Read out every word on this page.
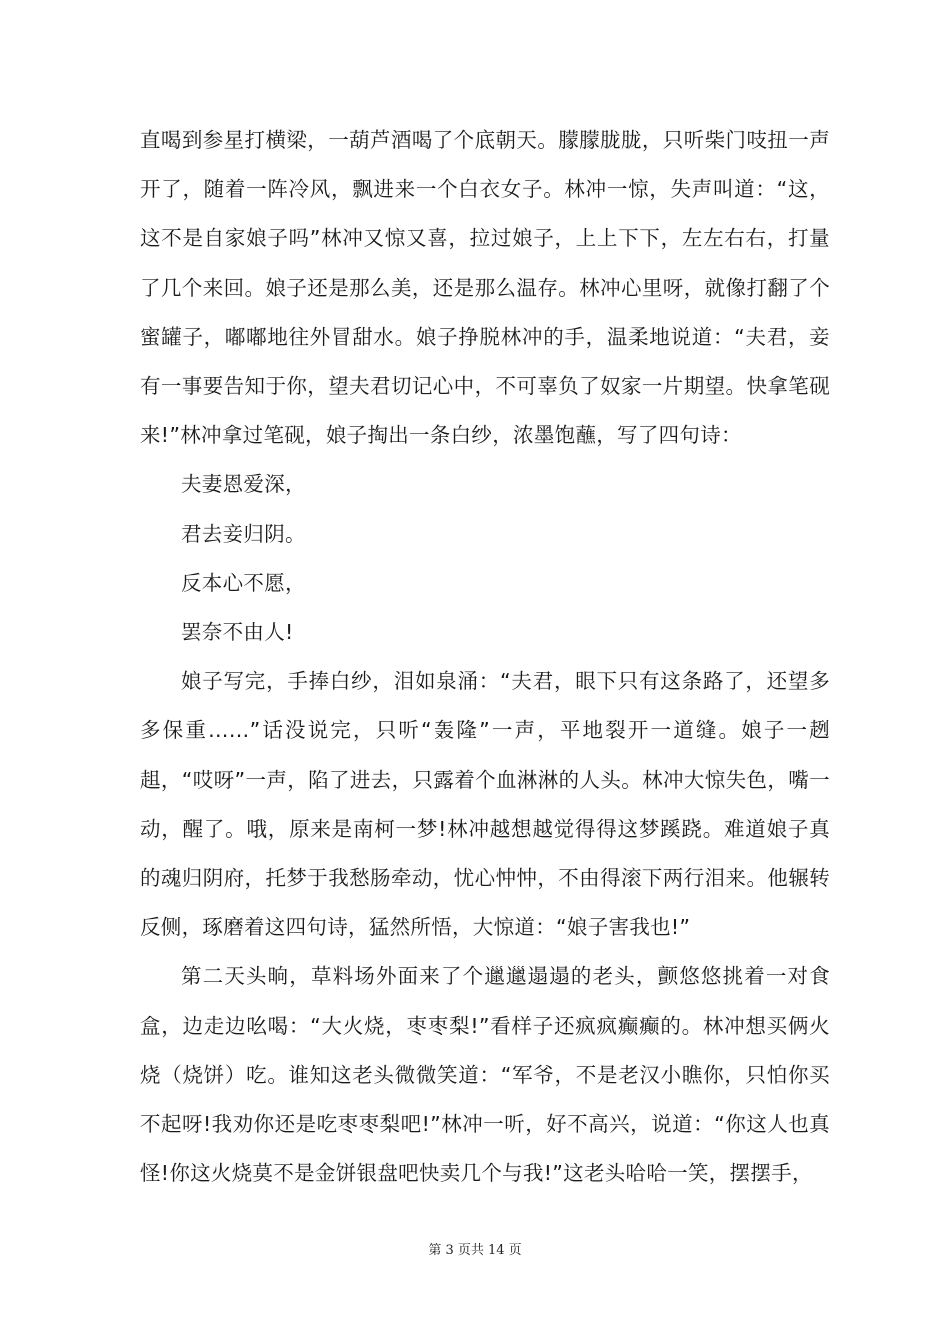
直喝到参星打横梁，一葫芦酒喝了个底朝天。朦朦胧胧，只听柴门吱扭一声开了，随着一阵冷风，飘进来一个白衣女子。林冲一惊，失声叫道：“这，这不是自家娘子吗”林冲又惊又喜，拉过娘子，上上下下，左左右右，打量了几个来回。娘子还是那么美，还是那么温存。林冲心里呀，就像打翻了个蜜罐子，嘟嘟地往外冒甜水。娘子挣脱林冲的手，温柔地说道：“夫君，妾有一事要告知于你，望夫君切记心中，不可辜负了奴家一片期望。快拿笔砚来!”林冲拿过笔砚，娘子掏出一条白纱，浓墨饱蘸，写了四句诗：

夫妻恩爱深，

君去妾归阴。

反本心不愿，

罢奈不由人!

娘子写完，手捧白纱，泪如泉涌：“夫君，眼下只有这条路了，还望多多保重……”话没说完，只听“轰隆”一声，平地裂开一道缝。娘子一趔趄，“哎呀”一声，陷了进去，只露着个血淋淋的人头。林冲大惊失色，嘴一动，醒了。哦，原来是南柯一梦!林冲越想越觉得得这梦蹊跷。难道娘子真的魂归阴府，托梦于我愁肠牵动，忧心忡忡，不由得滚下两行泪来。他辗转反侧，琢磨着这四句诗，猛然所悟，大惊道：“娘子害我也!”

第二天头晌，草料场外面来了个邋邋遢遢的老头，颤悠悠挑着一对食盒，边走边吆喝：“大火烧，枣枣梨!”看样子还疯疯癫癫的。林冲想买俩火烧（烧饼）吃。谁知这老头微微笑道：“军爷，不是老汉小瞧你，只怕你买不起呀!我劝你还是吃枣枣梨吧!”林冲一听，好不高兴，说道：“你这人也真怪!你这火烧莫不是金饼银盘吧快卖几个与我!”这老头哈哈一笑，摆摆手，

第 3 页共 14 页
